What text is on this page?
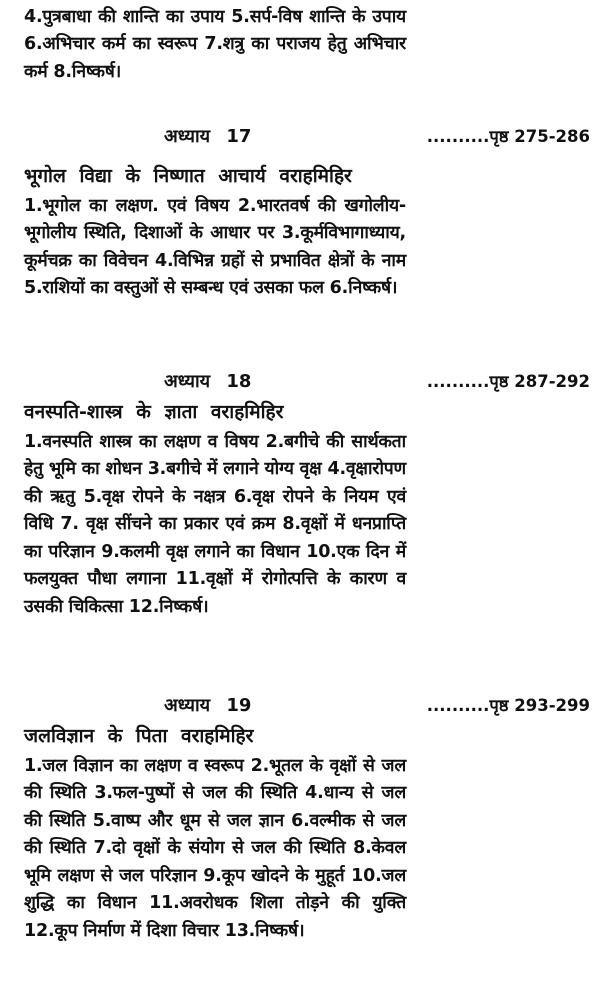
4.पुत्रबाधा की शान्ति का उपाय 5.सर्प-विष शान्ति के उपाय 6.अभिचार कर्म का स्वरूप 7.शत्रु का पराजय हेतु अभिचार कर्म 8.निष्कर्ष।

अध्याय 17	..........पृष्ठ 275-286
भूगोल विद्या के निष्णात आचार्य वराहमिहिर

1.भूगोल का लक्षण. एवं विषय 2.भारतवर्ष की खगोलीय-भूगोलीय स्थिति, दिशाओं के आधार पर 3.कूर्मविभागाध्याय, कूर्मचक्र का विवेचन 4.विभिन्न ग्रहों से प्रभावित क्षेत्रों के नाम 5.राशियों का वस्तुओं से सम्बन्ध एवं उसका फल 6.निष्कर्ष।

अध्याय 18	..........पृष्ठ 287-292
वनस्पति-शास्त्र के ज्ञाता वराहमिहिर

1.वनस्पति शास्त्र का लक्षण व विषय 2.बगीचे की सार्थकता हेतु भूमि का शोधन 3.बगीचे में लगाने योग्य वृक्ष 4.वृक्षारोपण की ऋतु 5.वृक्ष रोपने के नक्षत्र 6.वृक्ष रोपने के नियम एवं विधि 7. वृक्ष सींचने का प्रकार एवं क्रम 8.वृक्षों में धनप्राप्ति का परिज्ञान 9.कलमी वृक्ष लगाने का विधान 10.एक दिन में फलयुक्त पौधा लगाना 11.वृक्षों में रोगोत्पत्ति के कारण व उसकी चिकित्सा 12.निष्कर्ष।

अध्याय 19	..........पृष्ठ 293-299
जलविज्ञान के पिता वराहमिहिर

1.जल विज्ञान का लक्षण व स्वरूप 2.भूतल के वृक्षों से जल की स्थिति 3.फल-पुष्पों से जल की स्थिति 4.धान्य से जल की स्थिति 5.वाष्प और धूम से जल ज्ञान 6.वल्मीक से जल की स्थिति 7.दो वृक्षों के संयोग से जल की स्थिति 8.केवल भूमि लक्षण से जल परिज्ञान 9.कूप खोदने के मुहूर्त 10.जल शुद्धि का विधान 11.अवरोधक शिला तोड़ने की युक्ति 12.कूप निर्माण में दिशा विचार 13.निष्कर्ष।
